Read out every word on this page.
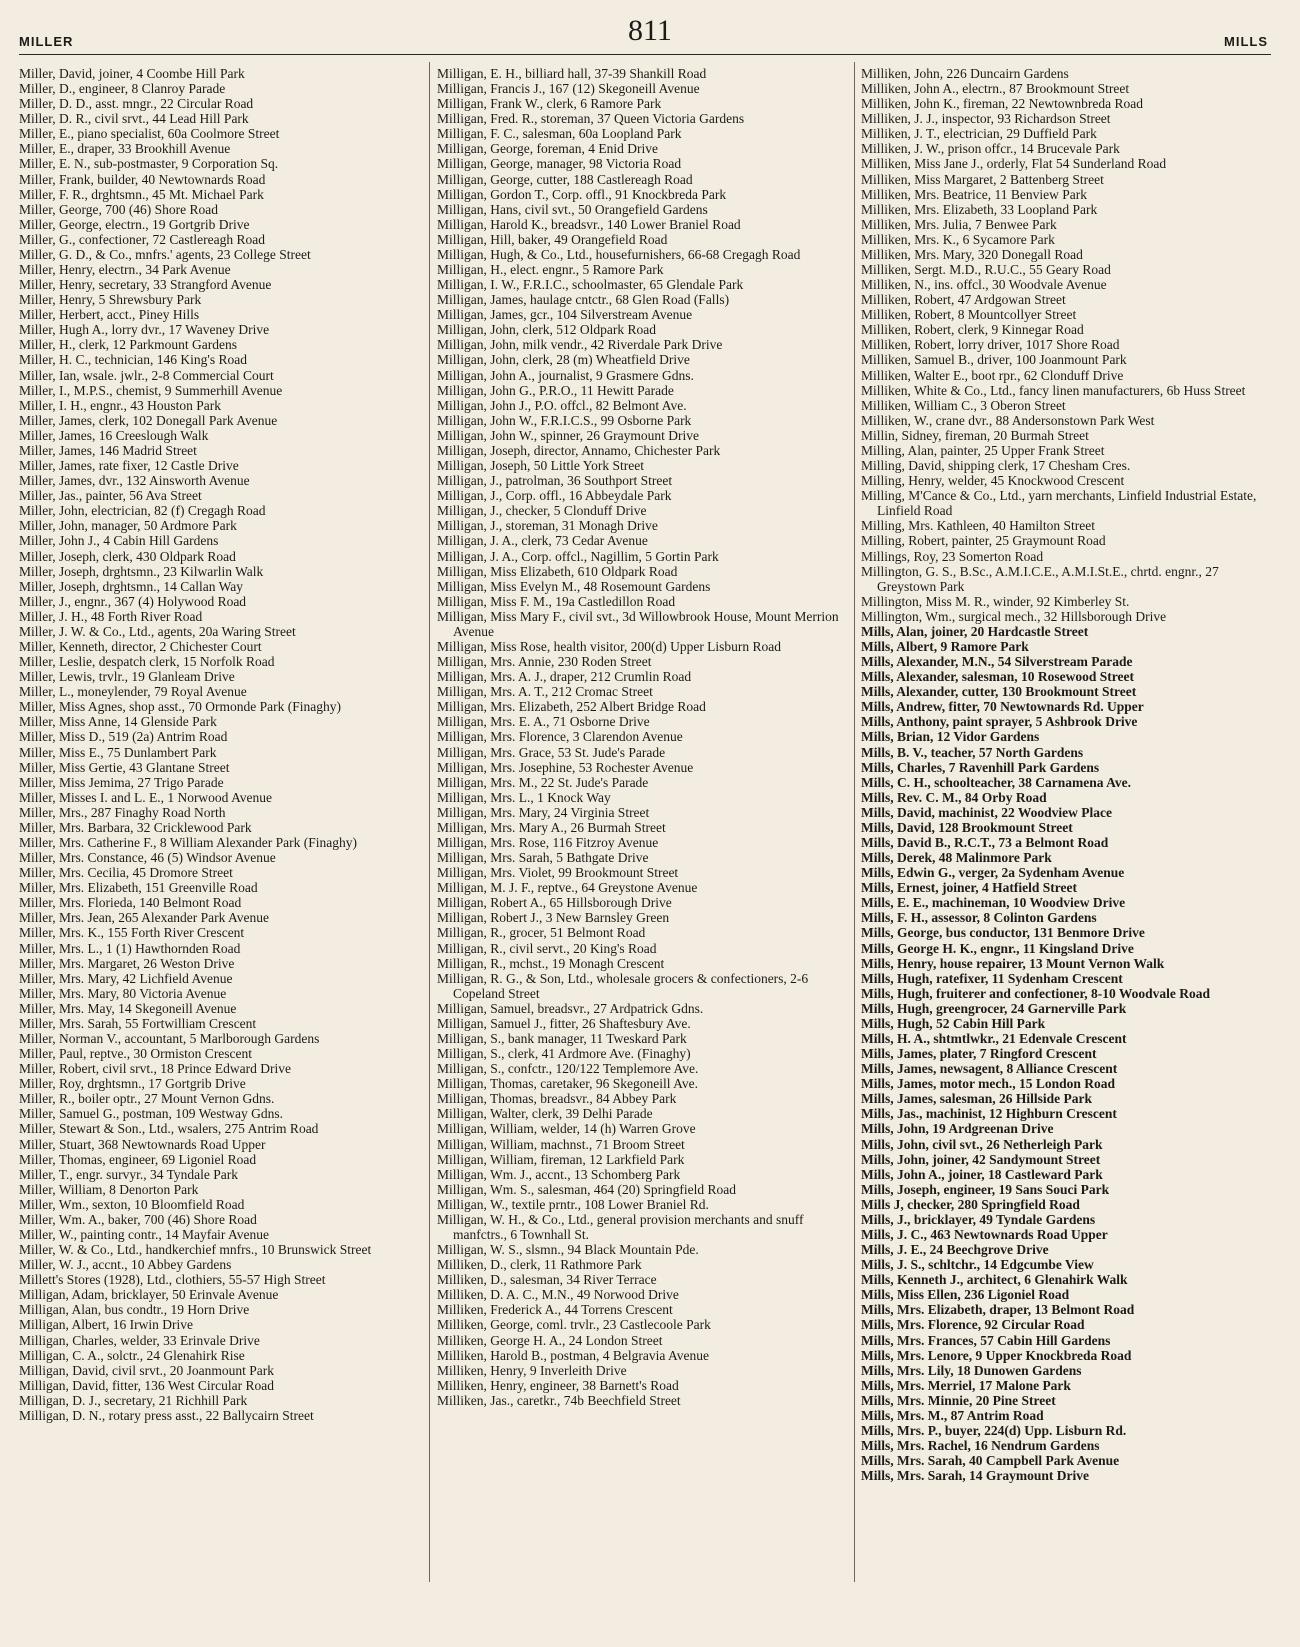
MILLER	811	MILLS
Miller, David, joiner, 4 Coombe Hill Park
Miller, D., engineer, 8 Clanroy Parade
Miller, D. D., asst. mngr., 22 Circular Road
Miller, D. R., civil srvt., 44 Lead Hill Park
Miller, E., piano specialist, 60a Coolmore Street
Miller, E., draper, 33 Brookhill Avenue
Miller, E. N., sub-postmaster, 9 Corporation Sq.
Miller, Frank, builder, 40 Newtownards Road
Miller, F. R., drghtsmn., 45 Mt. Michael Park
Miller, George, 700 (46) Shore Road
Miller, George, electrn., 19 Gortgrib Drive
Miller, G., confectioner, 72 Castlereagh Road
Miller, G. D., & Co., mnfrs.' agents, 23 College Street
Miller, Henry, electrn., 34 Park Avenue
Miller, Henry, secretary, 33 Strangford Avenue
Miller, Henry, 5 Shrewsbury Park
Miller, Herbert, acct., Piney Hills
Miller, Hugh A., lorry dvr., 17 Waveney Drive
Miller, H., clerk, 12 Parkmount Gardens
Miller, H. C., technician, 146 King's Road
Miller, Ian, wsale. jwlr., 2-8 Commercial Court
Miller, I., M.P.S., chemist, 9 Summerhill Avenue
Miller, I. H., engnr., 43 Houston Park
Miller, James, clerk, 102 Donegall Park Avenue
Miller, James, 16 Creeslough Walk
Miller, James, 146 Madrid Street
Miller, James, rate fixer, 12 Castle Drive
Miller, James, dvr., 132 Ainsworth Avenue
Miller, Jas., painter, 56 Ava Street
Miller, John, electrician, 82 (f) Cregagh Road
Miller, John, manager, 50 Ardmore Park
Miller, John J., 4 Cabin Hill Gardens
Miller, Joseph, clerk, 430 Oldpark Road
Miller, Joseph, drghtsmn., 23 Kilwarlin Walk
Miller, Joseph, drghtsmn., 14 Callan Way
Miller, J., engnr., 367 (4) Holywood Road
Miller, J. H., 48 Forth River Road
Miller, J. W. & Co., Ltd., agents, 20a Waring Street
Miller, Kenneth, director, 2 Chichester Court
Miller, Leslie, despatch clerk, 15 Norfolk Road
Miller, Lewis, trvlr., 19 Glanleam Drive
Miller, L., moneylender, 79 Royal Avenue
Miller, Miss Agnes, shop asst., 70 Ormonde Park (Finaghy)
Miller, Miss Anne, 14 Glenside Park
Miller, Miss D., 519 (2a) Antrim Road
Miller, Miss E., 75 Dunlambert Park
Miller, Miss Gertie, 43 Glantane Street
Miller, Miss Jemima, 27 Trigo Parade
Miller, Misses I. and L. E., 1 Norwood Avenue
Miller, Mrs., 287 Finaghy Road North
Miller, Mrs. Barbara, 32 Cricklewood Park
Miller, Mrs. Catherine F., 8 William Alexander Park (Finaghy)
Miller, Mrs. Constance, 46 (5) Windsor Avenue
Miller, Mrs. Cecilia, 45 Dromore Street
Miller, Mrs. Elizabeth, 151 Greenville Road
Miller, Mrs. Florieda, 140 Belmont Road
Miller, Mrs. Jean, 265 Alexander Park Avenue
Miller, Mrs. K., 155 Forth River Crescent
Miller, Mrs. L., 1 (1) Hawthornden Road
Miller, Mrs. Margaret, 26 Weston Drive
Miller, Mrs. Mary, 42 Lichfield Avenue
Miller, Mrs. Mary, 80 Victoria Avenue
Miller, Mrs. May, 14 Skegoneill Avenue
Miller, Mrs. Sarah, 55 Fortwilliam Crescent
Miller, Norman V., accountant, 5 Marlborough Gardens
Miller, Paul, reptve., 30 Ormiston Crescent
Miller, Robert, civil srvt., 18 Prince Edward Drive
Miller, Roy, drghtsmn., 17 Gortgrib Drive
Miller, R., boiler optr., 27 Mount Vernon Gdns.
Miller, Samuel G., postman, 109 Westway Gdns.
Miller, Stewart & Son., Ltd., wsalers, 275 Antrim Road
Miller, Stuart, 368 Newtownards Road Upper
Miller, Thomas, engineer, 69 Ligoniel Road
Miller, T., engr. survyr., 34 Tyndale Park
Miller, William, 8 Denorton Park
Miller, Wm., sexton, 10 Bloomfield Road
Miller, Wm. A., baker, 700 (46) Shore Road
Miller, W., painting contr., 14 Mayfair Avenue
Miller, W. & Co., Ltd., handkerchief mnfrs., 10 Brunswick Street
Miller, W. J., accnt., 10 Abbey Gardens
Millett's Stores (1928), Ltd., clothiers, 55-57 High Street
Milligan, Adam, bricklayer, 50 Erinvale Avenue
Milligan, Alan, bus condtr., 19 Horn Drive
Milligan, Albert, 16 Irwin Drive
Milligan, Charles, welder, 33 Erinvale Drive
Milligan, C. A., solctr., 24 Glenahirk Rise
Milligan, David, civil srvt., 20 Joanmount Park
Milligan, David, fitter, 136 West Circular Road
Milligan, D. J., secretary, 21 Richhill Park
Milligan, D. N., rotary press asst., 22 Ballycairn Street
Milligan, E. H., billiard hall, 37-39 Shankill Road
Milligan, Francis J., 167 (12) Skegoneill Avenue
Milligan, Frank W., clerk, 6 Ramore Park
Milligan, Fred. R., storeman, 37 Queen Victoria Gardens
Milligan, F. C., salesman, 60a Loopland Park
Milligan, George, foreman, 4 Enid Drive
Milligan, George, manager, 98 Victoria Road
Milligan, George, cutter, 188 Castlereagh Road
Milligan, Gordon T., Corp. offl., 91 Knockbreda Park
Milligan, Hans, civil svt., 50 Orangefield Gardens
Milligan, Harold K., breadsvr., 140 Lower Braniel Road
Milligan, Hill, baker, 49 Orangefield Road
Milligan, Hugh, & Co., Ltd., housefurnishers, 66-68 Cregagh Road
Milligan, H., elect. engnr., 5 Ramore Park
Milligan, I. W., F.R.I.C., schoolmaster, 65 Glendale Park
Milligan, James, haulage cntctr., 68 Glen Road (Falls)
Milligan, James, gcr., 104 Silverstream Avenue
Milligan, John, clerk, 512 Oldpark Road
Milligan, John, milk vendr., 42 Riverdale Park Drive
Milligan, John, clerk, 28 (m) Wheatfield Drive
Milligan, John A., journalist, 9 Grasmere Gdns.
Milligan, John G., P.R.O., 11 Hewitt Parade
Milligan, John J., P.O. offcl., 82 Belmont Ave.
Milligan, John W., F.R.I.C.S., 99 Osborne Park
Milligan, John W., spinner, 26 Graymount Drive
Milligan, Joseph, director, Annamo, Chichester Park
Milligan, Joseph, 50 Little York Street
Milligan, J., patrolman, 36 Southport Street
Milligan, J., Corp. offl., 16 Abbeydale Park
Milligan, J., checker, 5 Clonduff Drive
Milligan, J., storeman, 31 Monagh Drive
Milligan, J. A., clerk, 73 Cedar Avenue
Milligan, J. A., Corp. offcl., Nagillim, 5 Gortin Park
Milligan, Miss Elizabeth, 610 Oldpark Road
Milligan, Miss Evelyn M., 48 Rosemount Gardens
Milligan, Miss F. M., 19a Castledillon Road
Milligan, Miss Mary F., civil svt., 3d Willowbrook House, Mount Merrion Avenue
Milligan, Miss Rose, health visitor, 200(d) Upper Lisburn Road
Milligan, Mrs. Annie, 230 Roden Street
Milligan, Mrs. A. J., draper, 212 Crumlin Road
Milligan, Mrs. A. T., 212 Cromac Street
Milligan, Mrs. Elizabeth, 252 Albert Bridge Road
Milligan, Mrs. E. A., 71 Osborne Drive
Milligan, Mrs. Florence, 3 Clarendon Avenue
Milligan, Mrs. Grace, 53 St. Jude's Parade
Milligan, Mrs. Josephine, 53 Rochester Avenue
Milligan, Mrs. M., 22 St. Jude's Parade
Milligan, Mrs. L., 1 Knock Way
Milligan, Mrs. Mary, 24 Virginia Street
Milligan, Mrs. Mary A., 26 Burmah Street
Milligan, Mrs. Rose, 116 Fitzroy Avenue
Milligan, Mrs. Sarah, 5 Bathgate Drive
Milligan, Mrs. Violet, 99 Brookmount Street
Milligan, M. J. F., reptve., 64 Greystone Avenue
Milligan, Robert A., 65 Hillsborough Drive
Milligan, Robert J., 3 New Barnsley Green
Milligan, R., grocer, 51 Belmont Road
Milligan, R., civil servt., 20 King's Road
Milligan, R., mchst., 19 Monagh Crescent
Milligan, R. G., & Son, Ltd., wholesale grocers & confectioners, 2-6 Copeland Street
Milligan, Samuel, breadsvr., 27 Ardpatrick Gdns.
Milligan, Samuel J., fitter, 26 Shaftesbury Ave.
Milligan, S., bank manager, 11 Tweskard Park
Milligan, S., clerk, 41 Ardmore Ave. (Finaghy)
Milligan, S., confctr., 120/122 Templemore Ave.
Milligan, Thomas, caretaker, 96 Skegoneill Ave.
Milligan, Thomas, breadsvr., 84 Abbey Park
Milligan, Walter, clerk, 39 Delhi Parade
Milligan, William, welder, 14 (h) Warren Grove
Milligan, William, machnst., 71 Broom Street
Milligan, William, fireman, 12 Larkfield Park
Milligan, Wm. J., accnt., 13 Schomberg Park
Milligan, Wm. S., salesman, 464 (20) Springfield Road
Milligan, W., textile prntr., 108 Lower Braniel Rd.
Milligan, W. H., & Co., Ltd., general provision merchants and snuff manfctrs., 6 Townhall St.
Milligan, W. S., slsmn., 94 Black Mountain Pde.
Milliken, D., clerk, 11 Rathmore Park
Milliken, D., salesman, 34 River Terrace
Milliken, D. A. C., M.N., 49 Norwood Drive
Milliken, Frederick A., 44 Torrens Crescent
Milliken, George, coml. trvlr., 23 Castlecoole Park
Milliken, George H. A., 24 London Street
Milliken, Harold B., postman, 4 Belgravia Avenue
Milliken, Henry, 9 Inverleith Drive
Milliken, Henry, engineer, 38 Barnett's Road
Milliken, Jas., caretkr., 74b Beechfield Street
Milliken, John, 226 Duncairn Gardens
Milliken, John A., electrn., 87 Brookmount Street
Milliken, John K., fireman, 22 Newtownbreda Road
Milliken, J. J., inspector, 93 Richardson Street
Milliken, J. T., electrician, 29 Duffield Park
Milliken, J. W., prison offcr., 14 Brucevale Park
Milliken, Miss Jane J., orderly, Flat 54 Sunderland Road
Milliken, Miss Margaret, 2 Battenberg Street
Milliken, Mrs. Beatrice, 11 Benview Park
Milliken, Mrs. Elizabeth, 33 Loopland Park
Milliken, Mrs. Julia, 7 Benwee Park
Milliken, Mrs. K., 6 Sycamore Park
Milliken, Mrs. Mary, 320 Donegall Road
Milliken, Sergt. M.D., R.U.C., 55 Geary Road
Milliken, N., ins. offcl., 30 Woodvale Avenue
Milliken, Robert, 47 Ardgowan Street
Milliken, Robert, 8 Mountcollyer Street
Milliken, Robert, clerk, 9 Kinnegar Road
Milliken, Robert, lorry driver, 1017 Shore Road
Milliken, Samuel B., driver, 100 Joanmount Park
Milliken, Walter E., boot rpr., 62 Clonduff Drive
Milliken, White & Co., Ltd., fancy linen manufacturers, 6b Huss Street
Milliken, William C., 3 Oberon Street
Milliken, W., crane dvr., 88 Andersonstown Park West
Millin, Sidney, fireman, 20 Burmah Street
Milling, Alan, painter, 25 Upper Frank Street
Milling, David, shipping clerk, 17 Chesham Cres.
Milling, Henry, welder, 45 Knockwood Crescent
Milling, M'Cance & Co., Ltd., yarn merchants, Linfield Industrial Estate, Linfield Road
Milling, Mrs. Kathleen, 40 Hamilton Street
Milling, Robert, painter, 25 Graymount Road
Millings, Roy, 23 Somerton Road
Millington, G. S., B.Sc., A.M.I.C.E., A.M.I.St.E., chrtd. engnr., 27 Greystown Park
Millington, Miss M. R., winder, 92 Kimberley St.
Millington, Wm., surgical mech., 32 Hillsborough Drive
Mills, Alan, joiner, 20 Hardcastle Street
Mills, Albert, 9 Ramore Park
Mills, Alexander, M.N., 54 Silverstream Parade
Mills, Alexander, salesman, 10 Rosewood Street
Mills, Alexander, cutter, 130 Brookmount Street
Mills, Andrew, fitter, 70 Newtownards Rd. Upper
Mills, Anthony, paint sprayer, 5 Ashbrook Drive
Mills, Brian, 12 Vidor Gardens
Mills, B. V., teacher, 57 North Gardens
Mills, Charles, 7 Ravenhill Park Gardens
Mills, C. H., schoolteacher, 38 Carnamena Ave.
Mills, Rev. C. M., 84 Orby Road
Mills, David, machinist, 22 Woodview Place
Mills, David, 128 Brookmount Street
Mills, David B., R.C.T., 73 a Belmont Road
Mills, Derek, 48 Malinmore Park
Mills, Edwin G., verger, 2a Sydenham Avenue
Mills, Ernest, joiner, 4 Hatfield Street
Mills, E. E., machineman, 10 Woodview Drive
Mills, F. H., assessor, 8 Colinton Gardens
Mills, George, bus conductor, 131 Benmore Drive
Mills, George H. K., engnr., 11 Kingsland Drive
Mills, Henry, house repairer, 13 Mount Vernon Walk
Mills, Hugh, ratefixer, 11 Sydenham Crescent
Mills, Hugh, fruiterer and confectioner, 8-10 Woodvale Road
Mills, Hugh, greengrocer, 24 Garnerville Park
Mills, Hugh, 52 Cabin Hill Park
Mills, H. A., shtmtlwkr., 21 Edenvale Crescent
Mills, James, plater, 7 Ringford Crescent
Mills, James, newsagent, 8 Alliance Crescent
Mills, James, motor mech., 15 London Road
Mills, James, salesman, 26 Hillside Park
Mills, Jas., machinist, 12 Highburn Crescent
Mills, John, 19 Ardgreenan Drive
Mills, John, civil svt., 26 Netherleigh Park
Mills, John, joiner, 42 Sandymount Street
Mills, John A., joiner, 18 Castleward Park
Mills, Joseph, engineer, 19 Sans Souci Park
Mills J, checker, 280 Springfield Road
Mills, J., bricklayer, 49 Tyndale Gardens
Mills, J. C., 463 Newtownards Road Upper
Mills, J. E., 24 Beechgrove Drive
Mills, J. S., schltchr., 14 Edgcumbe View
Mills, Kenneth J., architect, 6 Glenahirk Walk
Mills, Miss Ellen, 236 Ligoniel Road
Mills, Mrs. Elizabeth, draper, 13 Belmont Road
Mills, Mrs. Florence, 92 Circular Road
Mills, Mrs. Frances, 57 Cabin Hill Gardens
Mills, Mrs. Lenore, 9 Upper Knockbreda Road
Mills, Mrs. Lily, 18 Dunowen Gardens
Mills, Mrs. Merriel, 17 Malone Park
Mills, Mrs. Minnie, 20 Pine Street
Mills, Mrs. M., 87 Antrim Road
Mills, Mrs. P., buyer, 224(d) Upp. Lisburn Rd.
Mills, Mrs. Rachel, 16 Nendrum Gardens
Mills, Mrs. Sarah, 40 Campbell Park Avenue
Mills, Mrs. Sarah, 14 Graymount Drive
